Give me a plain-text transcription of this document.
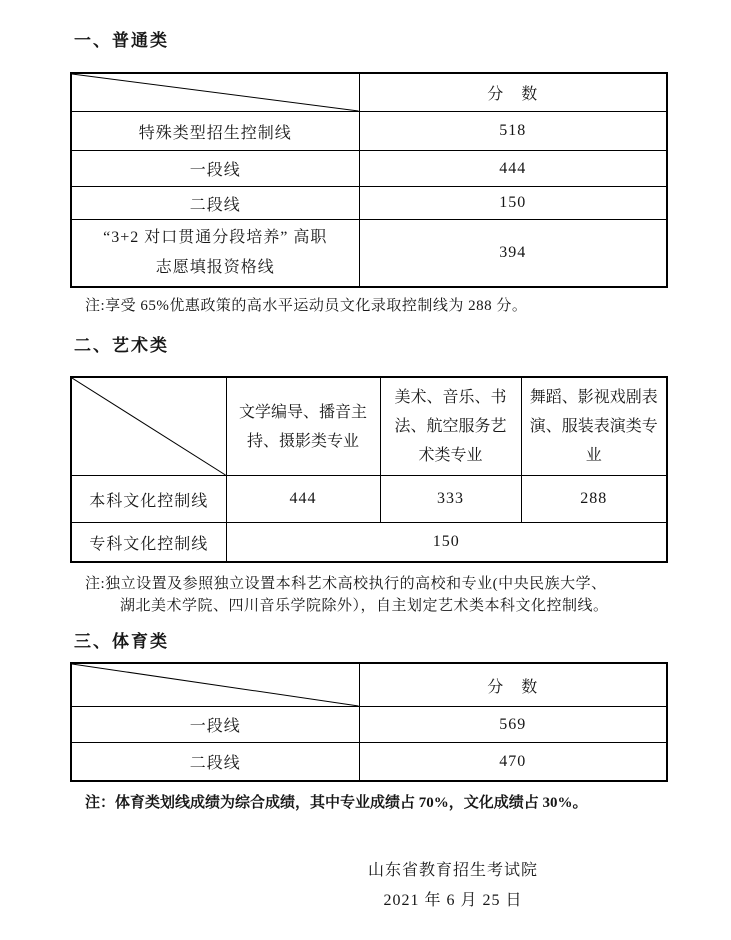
一、普通类
	分　数
特殊类型招生控制线	518
一段线	444
二段线	150

“3+2 对口贯通分段培养” 高职
志愿填报资格线	394

注:享受 65%优惠政策的高水平运动员文化录取控制线为 288 分。

二、艺术类
	文学编导、播音主持、摄影类专业	美术、音乐、书法、航空服务艺术类专业	舞蹈、影视戏剧表演、服装表演类专业
本科文化控制线	444	333	288
专科文化控制线	150		

注:独立设置及参照独立设置本科艺术高校执行的高校和专业(中央民族大学、
湖北美术学院、四川音乐学院除外），自主划定艺术类本科文化控制线。

三、体育类
	分　数
一段线	569
二段线	470

注：体育类划线成绩为综合成绩，其中专业成绩占 70%，文化成绩占 30%。

山东省教育招生考试院
2021 年 6 月 25 日
